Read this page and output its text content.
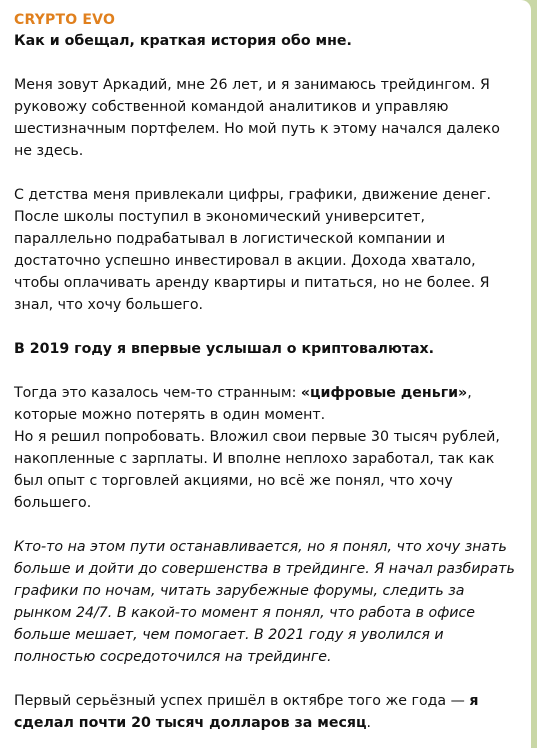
CRYPTO EVO

Как и обещал, краткая история обо мне.

Меня зовут Аркадий, мне 26 лет, и я занимаюсь трейдингом. Я руковожу собственной командой аналитиков и управляю шестизначным портфелем. Но мой путь к этому начался далеко не здесь.

С детства меня привлекали цифры, графики, движение денег. После школы поступил в экономический университет, параллельно подрабатывал в логистической компании и достаточно успешно инвестировал в акции. Дохода хватало, чтобы оплачивать аренду квартиры и питаться, но не более. Я знал, что хочу большего.

В 2019 году я впервые услышал о криптовалютах.

Тогда это казалось чем-то странным: «цифровые деньги», которые можно потерять в один момент.
Но я решил попробовать. Вложил свои первые 30 тысяч рублей, накопленные с зарплаты. И вполне неплохо заработал, так как был опыт с торговлей акциями, но всё же понял, что хочу большего.

Кто-то на этом пути останавливается, но я понял, что хочу знать больше и дойти до совершенства в трейдинге. Я начал разбирать графики по ночам, читать зарубежные форумы, следить за рынком 24/7. В какой-то момент я понял, что работа в офисе больше мешает, чем помогает. В 2021 году я уволился и полностью сосредоточился на трейдинге.

Первый серьёзный успех пришёл в октябре того же года — я сделал почти 20 тысяч долларов за месяц.
